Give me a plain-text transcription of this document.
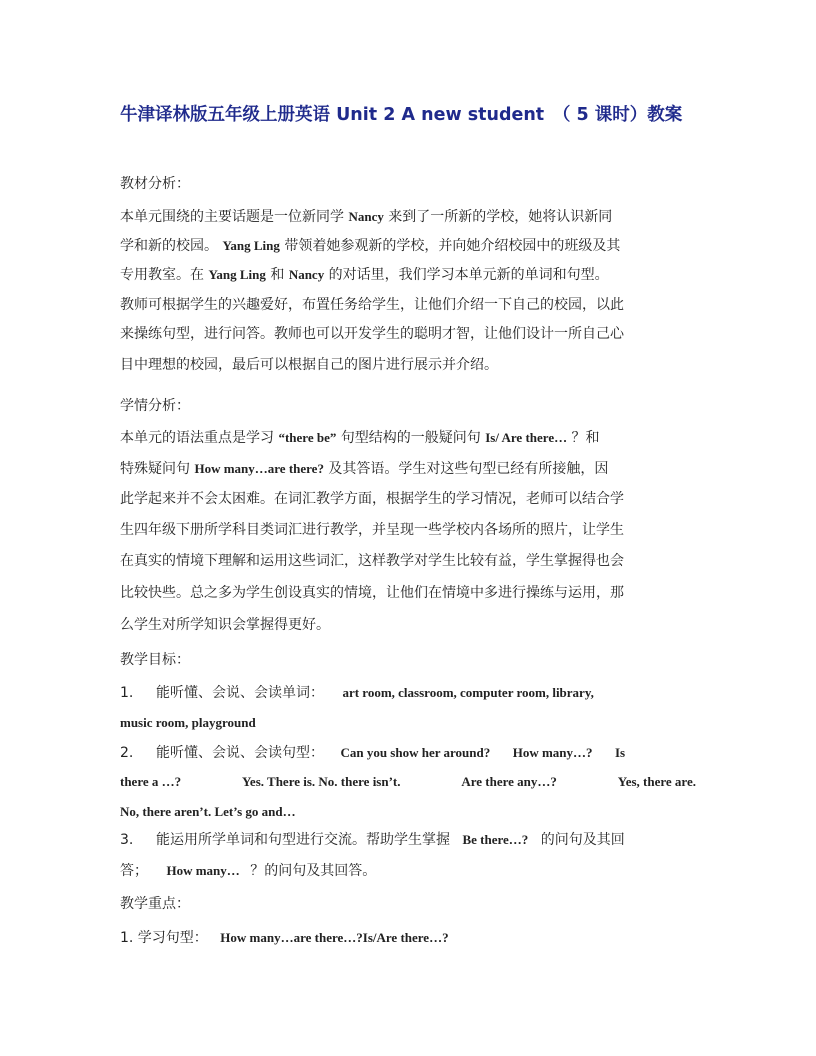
牛津译林版五年级上册英语 Unit 2 A new student　（ 5 课时）教案
教材分析：
本单元围绕的主要话题是一位新同学 Nancy 来到了一所新的学校，她将认识新同
学和新的校园。 Yang Ling 带领着她参观新的学校，并向她介绍校园中的班级及其
专用教室。在 Yang Ling 和 Nancy 的对话里，我们学习本单元新的单词和句型。
教师可根据学生的兴趣爱好，布置任务给学生，让他们介绍一下自己的校园，以此
来操练句型，进行问答。教师也可以开发学生的聪明才智，让他们设计一所自己心
目中理想的校园，最后可以根据自己的图片进行展示并介绍。
学情分析：
本单元的语法重点是学习 “there be” 句型结构的一般疑问句 Is/ Are there… ？和
特殊疑问句 How many…are there? 及其答语。学生对这些句型已经有所接触，因
此学起来并不会太困难。在词汇教学方面，根据学生的学习情况，老师可以结合学
生四年级下册所学科目类词汇进行教学，并呈现一些学校内各场所的照片，让学生
在真实的情境下理解和运用这些词汇，这样教学对学生比较有益，学生掌握得也会
比较快些。总之多为学生创设真实的情境，让他们在情境中多进行操练与运用，那
么学生对所学知识会掌握得更好。
教学目标：
1. 能听懂、会说、会读单词： art room, classroom, computer room, library,
music room, playground
2. 能听懂、会说、会读句型： Can you show her around? How many…? Is
there a …?	Yes. There is. No. there isn’t.	Are there any…?	Yes, there are.
No, there aren’t. Let’s go and…
3. 能运用所学单词和句型进行交流。帮助学生掌握 Be there…? 的问句及其回
答； How many… ？的问句及其回答。
教学重点：
1. 学习句型： How many…are there…?Is/Are there…?
